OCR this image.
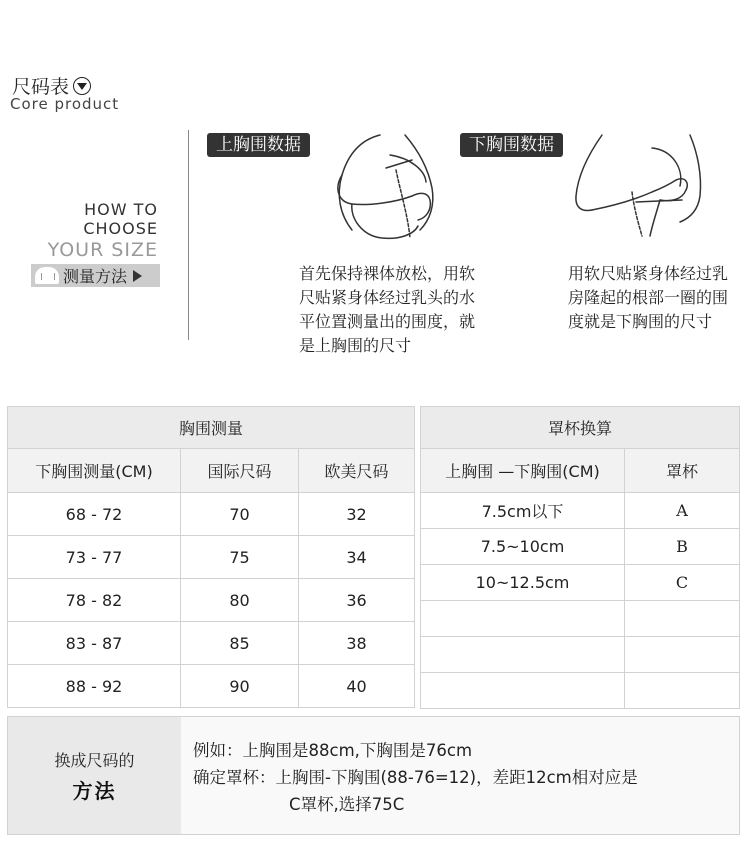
尺码表
Core product
HOW TO
CHOOSE
YOUR SIZE
测量方法
上胸围数据
首先保持裸体放松，用软尺贴紧身体经过乳头的水平位置测量出的围度，就是上胸围的尺寸
下胸围数据
用软尺贴紧身体经过乳房隆起的根部一圈的围度就是下胸围的尺寸
胸围测量		
下胸围测量(CM)	国际尺码	欧美尺码
68 - 72	70	32
73 - 77	75	34
78 - 82	80	36
83 - 87	85	38
88 - 92	90	40
罩杯换算	
上胸围 —下胸围(CM)	罩杯
7.5cm以下	A
7.5~10cm	B
10~12.5cm	C

换成尺码的
方法
例如：上胸围是88cm,下胸围是76cm
确定罩杯：上胸围-下胸围(88-76=12)，差距12cm相对应是
C罩杯,选择75C
